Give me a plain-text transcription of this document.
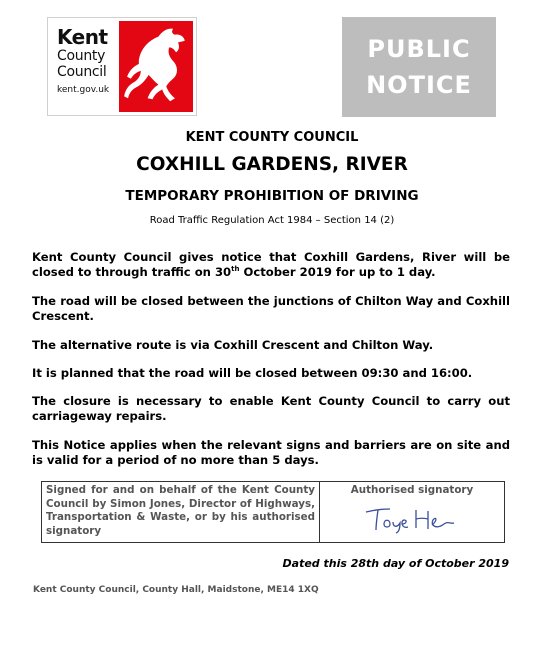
Kent
County
Council
kent.gov.uk
PUBLIC
NOTICE
KENT COUNTY COUNCIL
COXHILL GARDENS, RIVER
TEMPORARY PROHIBITION OF DRIVING
Road Traffic Regulation Act 1984 – Section 14 (2)

Kent County Council gives notice that Coxhill Gardens, River will be closed to through traffic on 30th October 2019 for up to 1 day.

The road will be closed between the junctions of Chilton Way and Coxhill Crescent.

The alternative route is via Coxhill Crescent and Chilton Way.

It is planned that the road will be closed between 09:30 and 16:00.

The closure is necessary to enable Kent County Council to carry out carriageway repairs.

This Notice applies when the relevant signs and barriers are on site and is valid for a period of no more than 5 days.

Signed for and on behalf of the Kent County Council by Simon Jones, Director of Highways, Transportation & Waste, or by his authorised signatory
Authorised signatory
Dated this 28th day of October 2019
Kent County Council, County Hall, Maidstone, ME14 1XQ
